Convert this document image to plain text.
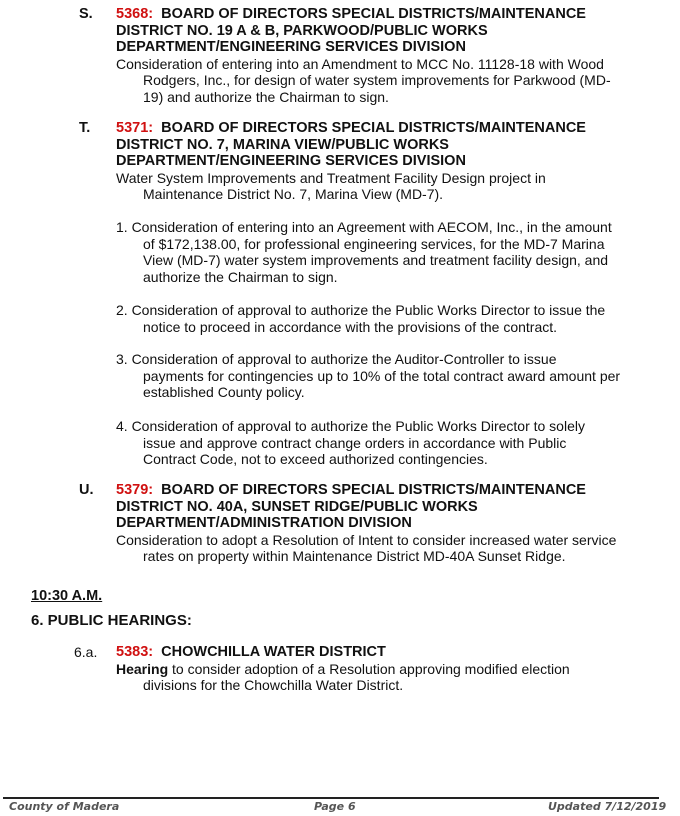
S. 5368: BOARD OF DIRECTORS SPECIAL DISTRICTS/MAINTENANCE DISTRICT NO. 19 A & B, PARKWOOD/PUBLIC WORKS DEPARTMENT/ENGINEERING SERVICES DIVISION

Consideration of entering into an Amendment to MCC No. 11128-18 with Wood Rodgers, Inc., for design of water system improvements for Parkwood (MD-19) and authorize the Chairman to sign.

T. 5371: BOARD OF DIRECTORS SPECIAL DISTRICTS/MAINTENANCE DISTRICT NO. 7, MARINA VIEW/PUBLIC WORKS DEPARTMENT/ENGINEERING SERVICES DIVISION

Water System Improvements and Treatment Facility Design project in Maintenance District No. 7, Marina View (MD-7).

1. Consideration of entering into an Agreement with AECOM, Inc., in the amount of $172,138.00, for professional engineering services, for the MD-7 Marina View (MD-7) water system improvements and treatment facility design, and authorize the Chairman to sign.
2. Consideration of approval to authorize the Public Works Director to issue the notice to proceed in accordance with the provisions of the contract.
3. Consideration of approval to authorize the Auditor-Controller to issue payments for contingencies up to 10% of the total contract award amount per established County policy.
4. Consideration of approval to authorize the Public Works Director to solely issue and approve contract change orders in accordance with Public Contract Code, not to exceed authorized contingencies.
U. 5379: BOARD OF DIRECTORS SPECIAL DISTRICTS/MAINTENANCE DISTRICT NO. 40A, SUNSET RIDGE/PUBLIC WORKS DEPARTMENT/ADMINISTRATION DIVISION

Consideration to adopt a Resolution of Intent to consider increased water service rates on property within Maintenance District MD-40A Sunset Ridge.

10:30 A.M.
6. PUBLIC HEARINGS:
6.a. 5383: CHOWCHILLA WATER DISTRICT

Hearing to consider adoption of a Resolution approving modified election divisions for the Chowchilla Water District.

County of Madera	Page 6	Updated 7/12/2019
